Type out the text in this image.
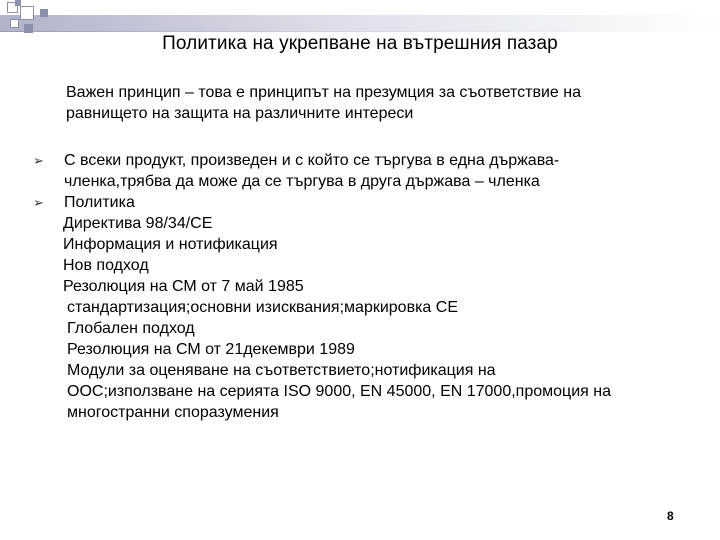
Политика на укрепване на вътрешния пазар
Важен принцип – това е принципът на презумция за съответствие на
равнището на защита на различните интереси
➢ С всеки продукт, произведен и с който се търгува в една държава-
членка,трябва да може да се търгува в друга държава – членка
➢ Политика
Директива 98/34/CE
Информация и нотификация
Нов подход
Резолюция на СМ от 7 май 1985
стандартизация;основни изисквания;маркировка СЕ
Глобален подход
Резолюция на СМ от 21декември 1989
Модули за оценяване на съответствието;нотификация на
ООС;използване на серията ISO 9000, EN 45000, EN 17000,промоция на
многостранни споразумения
8
